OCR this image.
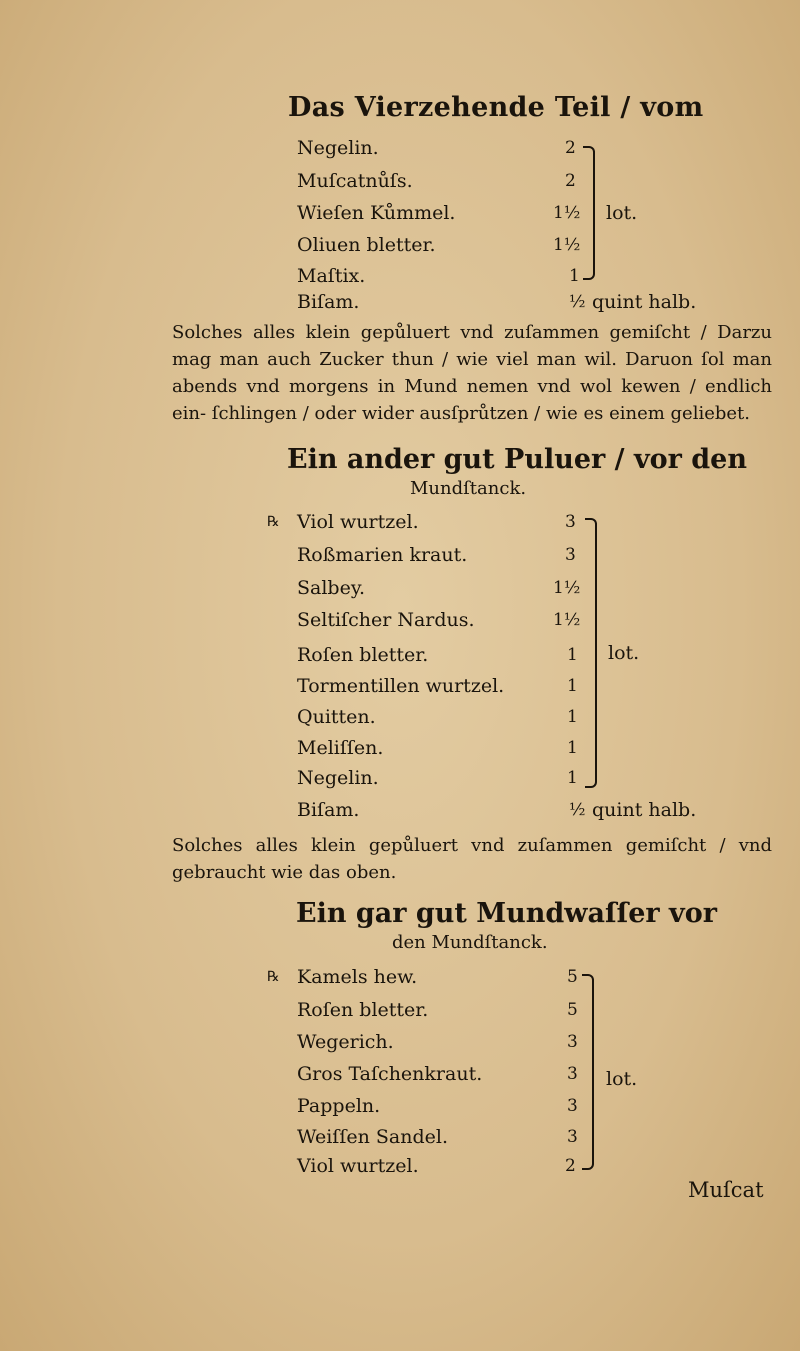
Das Vierzehende Teil / vom
Negelin.	2
Muſcatnůſs.	2
Wieſen Kůmmel.	1½
Oliuen bletter.	1½
Maſtix.	1
lot.
Biſam.	½ quint halb.
Solches alles klein gepůluert vnd zuſammen gemiſcht / Darzu mag man auch Zucker thun / wie viel man wil. Daruon ſol man abends vnd morgens in Mund nemen vnd wol kewen / endlich ein- ſchlingen / oder wider ausſprůtzen / wie es einem geliebet.
Ein ander gut Puluer / vor den
Mundſtanck.
℞ Viol wurtzel.	3
Roßmarien kraut.	3
Salbey.	1½
Seltiſcher Nardus.	1½
Roſen bletter.	1
Tormentillen wurtzel.	1
Quitten.	1
Meliſſen.	1
Negelin.	1
lot.
Biſam.	½ quint halb.
Solches alles klein gepůluert vnd zuſammen gemiſcht / vnd gebraucht wie das oben.
Ein gar gut Mundwaſſer vor
den Mundſtanck.
℞ Kamels hew.	5
Roſen bletter.	5
Wegerich.	3
Gros Taſchenkraut.	3
Pappeln.	3
Weiſſen Sandel.	3
Viol wurtzel.	2
lot.
Muſcat
